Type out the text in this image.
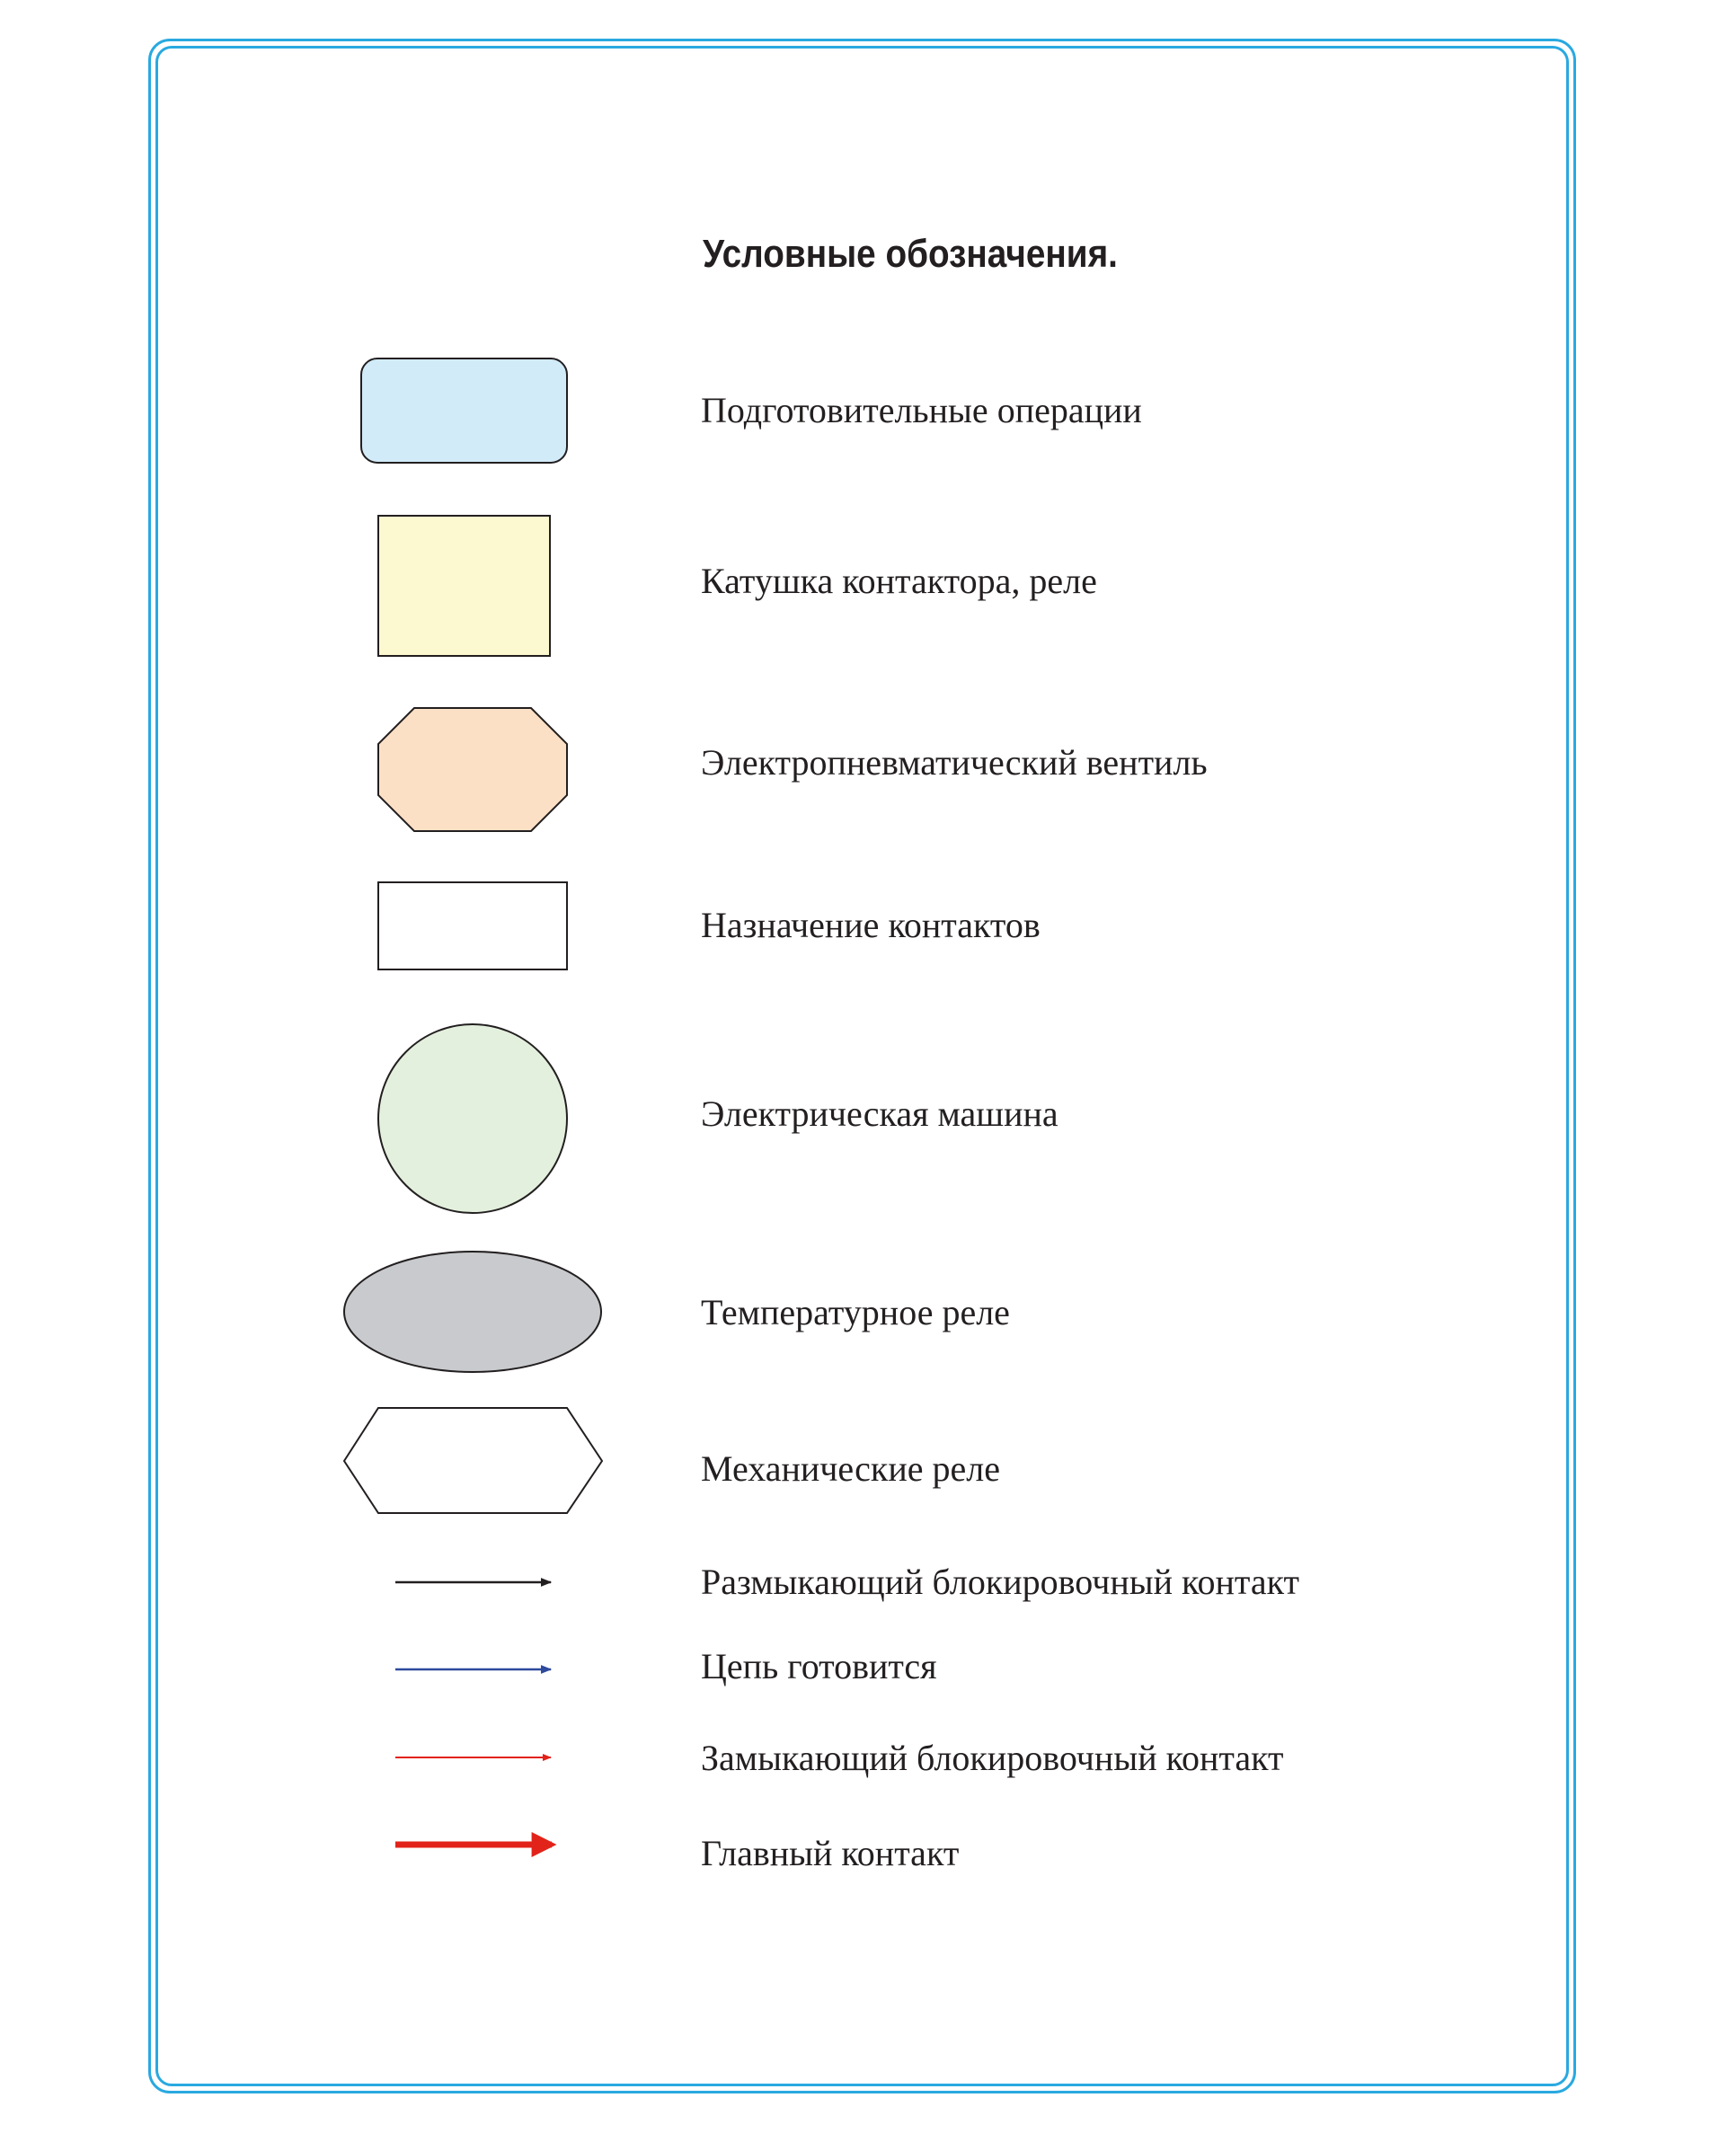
Условные обозначения.
Подготовительные операции
Катушка контактора, реле
Электропневматический вентиль
Назначение контактов
Электрическая машина
Температурное реле
Механические реле
Размыкающий блокировочный контакт
Цепь готовится
Замыкающий блокировочный контакт
Главный контакт
